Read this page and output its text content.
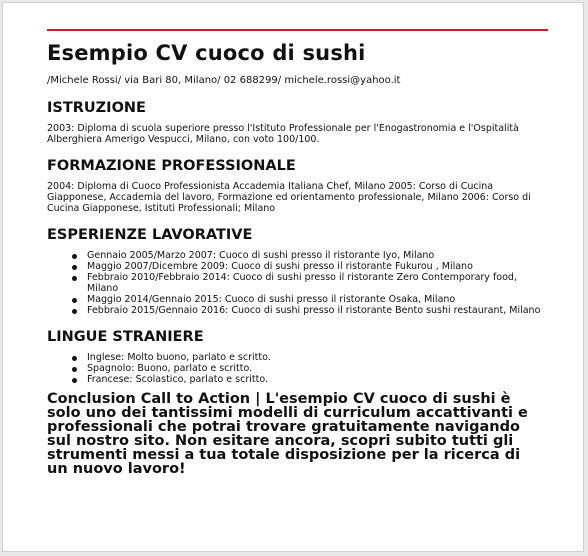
Esempio CV cuoco di sushi
/Michele Rossi/ via Bari 80, Milano/ 02 688299/ michele.rossi@yahoo.it
ISTRUZIONE

2003: Diploma di scuola superiore presso l'Istituto Professionale per l'Enogastronomia e l'Ospitalità Alberghiera Amerigo Vespucci, Milano, con voto 100/100.

FORMAZIONE PROFESSIONALE

2004: Diploma di Cuoco Professionista Accademia Italiana Chef, Milano 2005: Corso di Cucina Giapponese, Accademia del lavoro, Formazione ed orientamento professionale, Milano 2006: Corso di Cucina Giapponese, Istituti Professionali; Milano

ESPERIENZE LAVORATIVE
Gennaio 2005/Marzo 2007: Cuoco di sushi presso il ristorante Iyo, Milano
Maggio 2007/Dicembre 2009: Cuoco di sushi presso il ristorante Fukurou , Milano
Febbraio 2010/Febbraio 2014: Cuoco di sushi presso il ristorante Zero Contemporary food, Milano
Maggio 2014/Gennaio 2015: Cuoco di sushi presso il ristorante Osaka, Milano
Febbraio 2015/Gennaio 2016: Cuoco di sushi presso il ristorante Bento sushi restaurant, Milano
LINGUE STRANIERE
Inglese: Molto buono, parlato e scritto.
Spagnolo: Buono, parlato e scritto.
Francese: Scolastico, parlato e scritto.
Conclusion Call to Action | L'esempio CV cuoco di sushi è solo uno dei tantissimi modelli di curriculum accattivanti e professionali che potrai trovare gratuitamente navigando sul nostro sito. Non esitare ancora, scopri subito tutti gli strumenti messi a tua totale disposizione per la ricerca di un nuovo lavoro!
